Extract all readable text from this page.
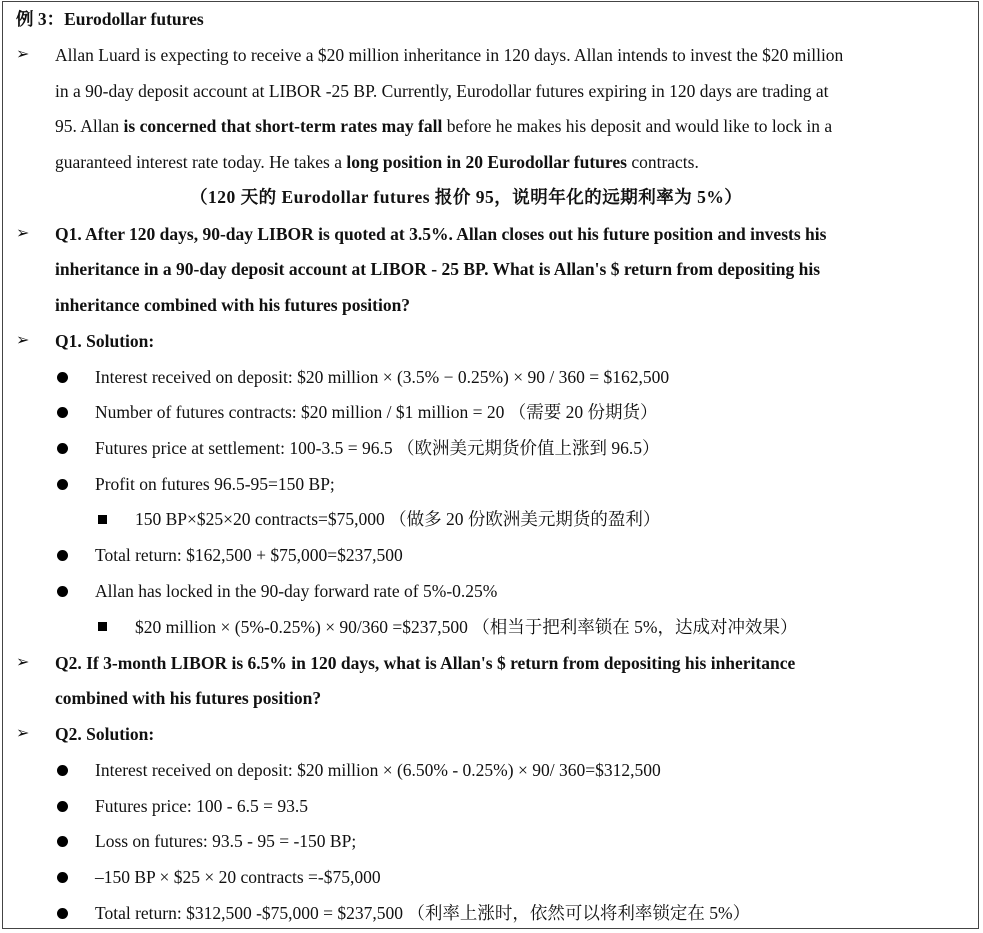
例 3：Eurodollar futures
➢ Allan Luard is expecting to receive a $20 million inheritance in 120 days. Allan intends to invest the $20 million
in a 90-day deposit account at LIBOR -25 BP. Currently, Eurodollar futures expiring in 120 days are trading at
95. Allan is concerned that short-term rates may fall before he makes his deposit and would like to lock in a
guaranteed interest rate today. He takes a long position in 20 Eurodollar futures contracts.
（120 天的 Eurodollar futures 报价 95，说明年化的远期利率为 5%）
➢ Q1. After 120 days, 90-day LIBOR is quoted at 3.5%. Allan closes out his future position and invests his
inheritance in a 90-day deposit account at LIBOR - 25 BP. What is Allan's $ return from depositing his
inheritance combined with his futures position?
➢ Q1. Solution:
Interest received on deposit: $20 million × (3.5% − 0.25%) × 90 / 360 = $162,500
Number of futures contracts: $20 million / $1 million = 20 （需要 20 份期货）
Futures price at settlement: 100-3.5 = 96.5 （欧洲美元期货价值上涨到 96.5）
Profit on futures 96.5-95=150 BP;
150 BP×$25×20 contracts=$75,000 （做多 20 份欧洲美元期货的盈利）
Total return: $162,500 + $75,000=$237,500
Allan has locked in the 90-day forward rate of 5%-0.25%
$20 million × (5%-0.25%) × 90/360 =$237,500 （相当于把利率锁在 5%，达成对冲效果）
➢ Q2. If 3-month LIBOR is 6.5% in 120 days, what is Allan's $ return from depositing his inheritance
combined with his futures position?
➢ Q2. Solution:
Interest received on deposit: $20 million × (6.50% - 0.25%) × 90/ 360=$312,500
Futures price: 100 - 6.5 = 93.5
Loss on futures: 93.5 - 95 = -150 BP;
–150 BP × $25 × 20 contracts =-$75,000
Total return: $312,500 -$75,000 = $237,500 （利率上涨时，依然可以将利率锁定在 5%）
